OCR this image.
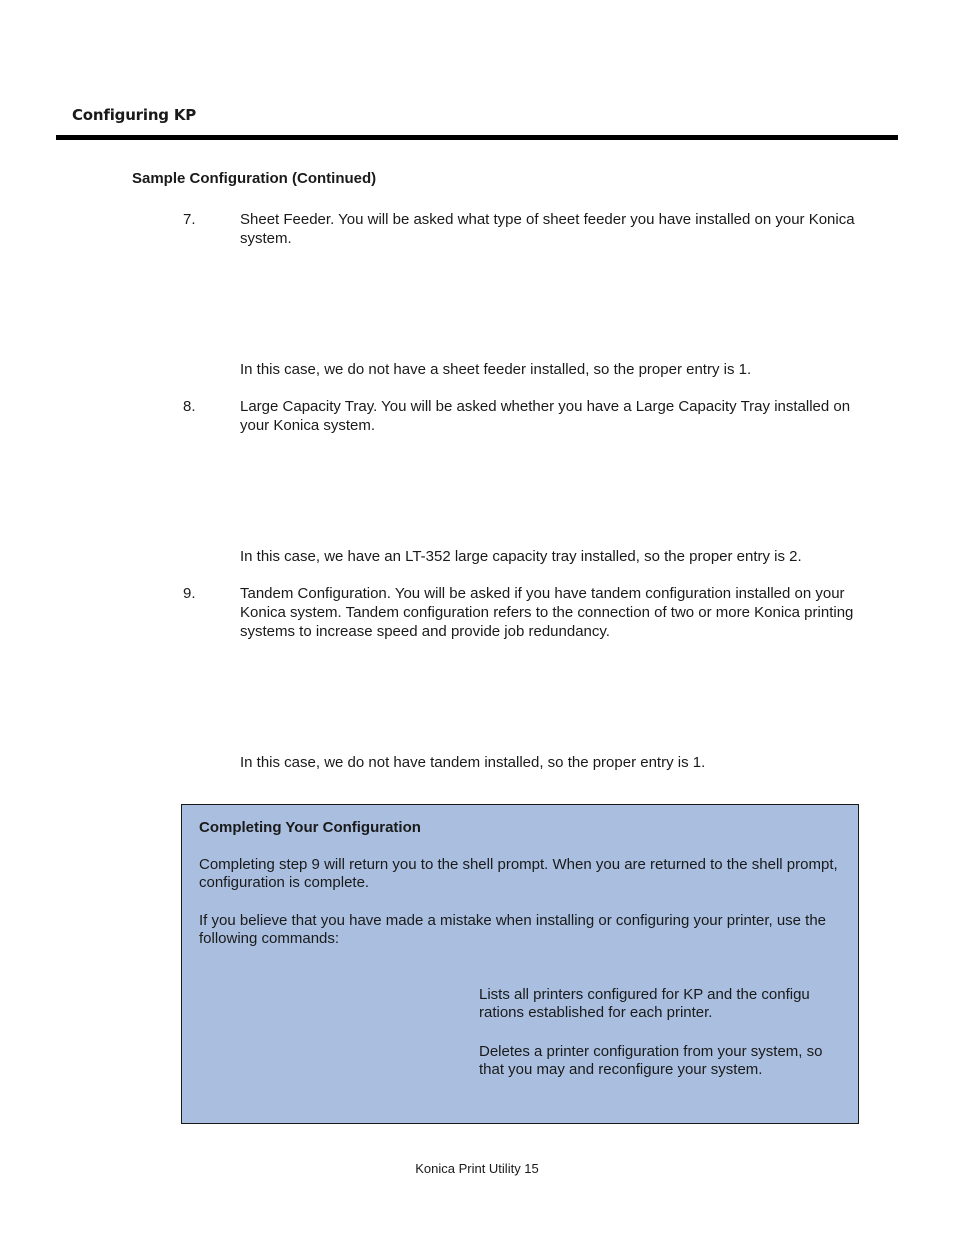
Configuring KP
Sample Configuration (Continued)
7.	Sheet Feeder. You will be asked what type of sheet feeder you have installed on your Konica system.
In this case, we do not have a sheet feeder installed, so the proper entry is 1.
8.	Large Capacity Tray. You will be asked whether you have a Large Capacity Tray installed on your Konica system.
In this case, we have an LT-352 large capacity tray installed, so the proper entry is 2.
9.	Tandem Configuration. You will be asked if you have tandem configuration installed on your Konica system. Tandem configuration refers to the connection of two or more Konica printing systems to increase speed and provide job redundancy.
In this case, we do not have tandem installed, so the proper entry is 1.
Completing Your Configuration
Completing step 9 will return you to the shell prompt. When you are returned to the shell prompt, configuration is complete.
If you believe that you have made a mistake when installing or configuring your printer, use the following commands:
Lists all printers configured for KP and the configu rations established for each printer.
Deletes a printer configuration from your system, so that you may and reconfigure your system.
Konica Print Utility 15
